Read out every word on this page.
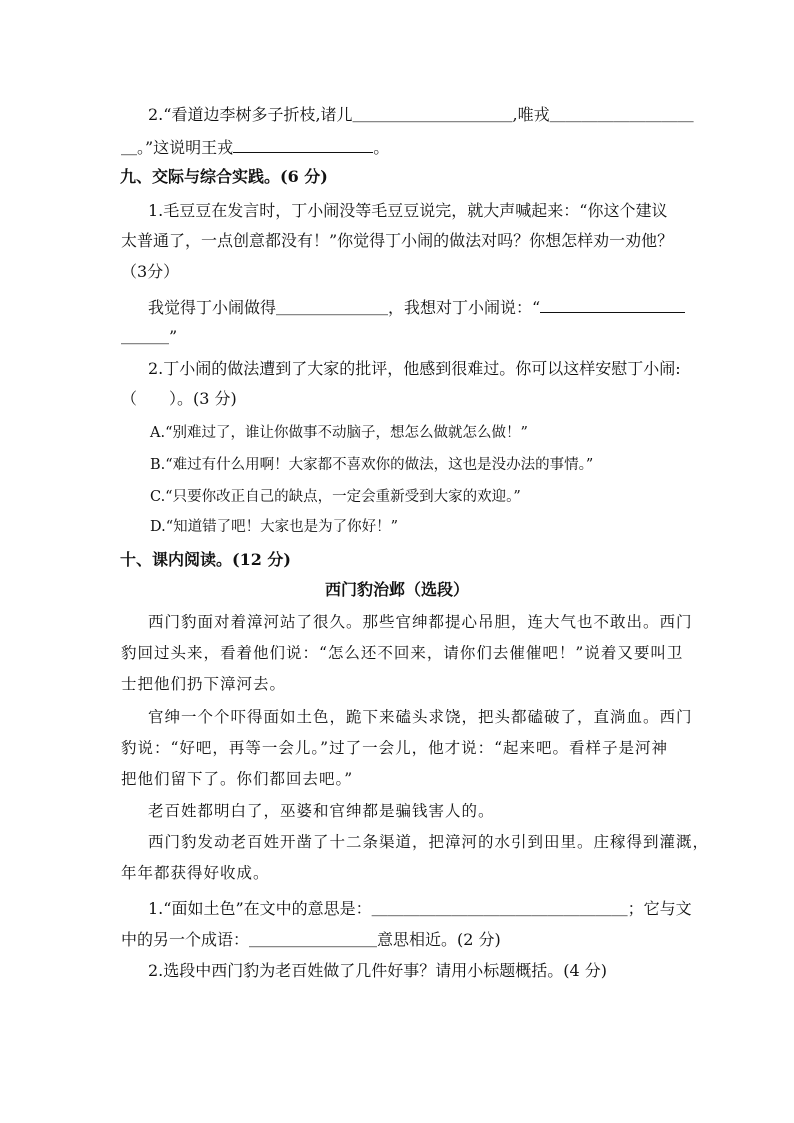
2.“看道边李树多子折枝,诸儿＿＿＿＿＿＿＿＿＿＿,唯戎＿＿＿＿＿＿＿＿＿
＿。”这说明王戎	。
九、交际与综合实践。(6 分)
1.毛豆豆在发言时，丁小闹没等毛豆豆说完，就大声喊起来：“你这个建议
太普通了，一点创意都没有！”你觉得丁小闹的做法对吗？你想怎样劝一劝他？
（3分）
我觉得丁小闹做得＿＿＿＿＿＿＿，我想对丁小闹说：“
＿＿＿”
2.丁小闹的做法遭到了大家的批评，他感到很难过。你可以这样安慰丁小闹:
（　　）。(3 分)
A.“别难过了，谁让你做事不动脑子，想怎么做就怎么做！”
B.“难过有什么用啊！大家都不喜欢你的做法，这也是没办法的事情。”
C.“只要你改正自己的缺点，一定会重新受到大家的欢迎。”
D.“知道错了吧！大家也是为了你好！”
十、课内阅读。(12 分)
西门豹治邺（选段）
西门豹面对着漳河站了很久。那些官绅都提心吊胆，连大气也不敢出。西门
豹回过头来，看着他们说：“怎么还不回来，请你们去催催吧！”说着又要叫卫
士把他们扔下漳河去。
官绅一个个吓得面如土色，跪下来磕头求饶，把头都磕破了，直淌血。西门
豹说：“好吧，再等一会儿。”过了一会儿，他才说：“起来吧。看样子是河神
把他们留下了。你们都回去吧。”
老百姓都明白了，巫婆和官绅都是骗钱害人的。
西门豹发动老百姓开凿了十二条渠道，把漳河的水引到田里。庄稼得到灌溉，
年年都获得好收成。
1.“面如土色”在文中的意思是：＿＿＿＿＿＿＿＿＿＿＿＿＿＿＿＿；它与文
中的另一个成语：＿＿＿＿＿＿＿＿意思相近。(2 分)
2.选段中西门豹为老百姓做了几件好事？请用小标题概括。(4 分)
